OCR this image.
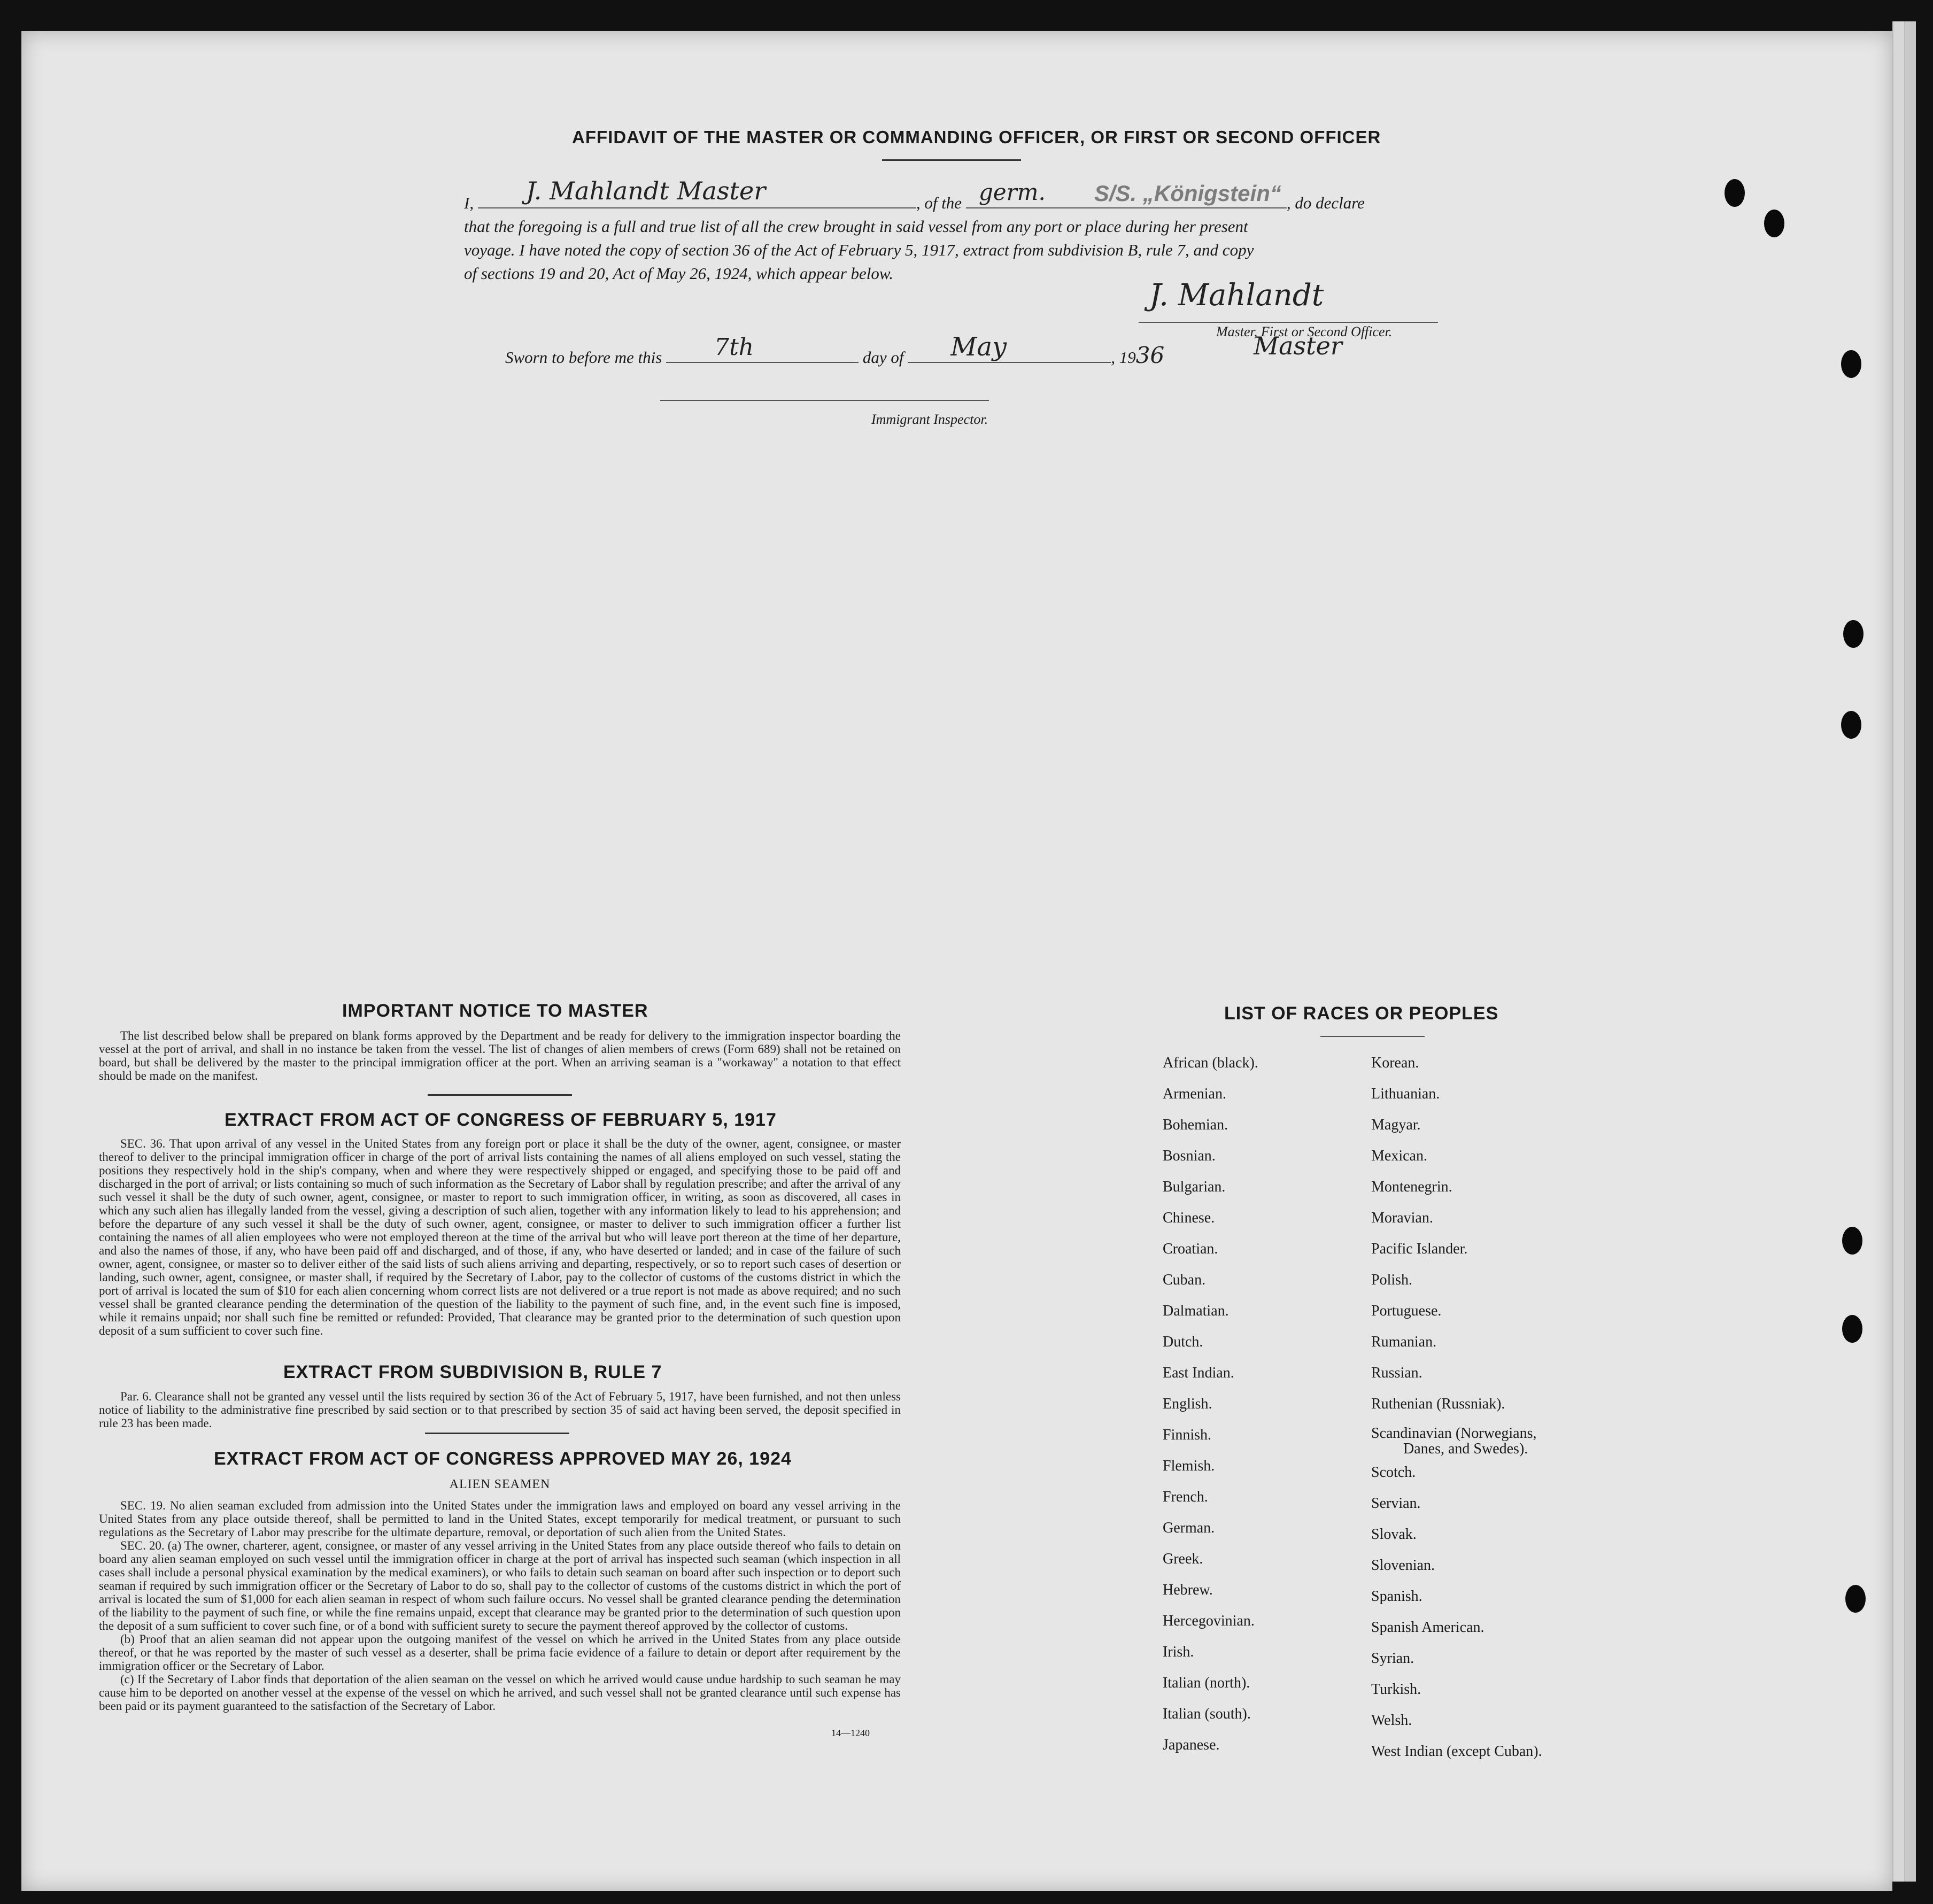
AFFIDAVIT OF THE MASTER OR COMMANDING OFFICER, OR FIRST OR SECOND OFFICER
I, J. Mahlandt Master	, of the germ. S/S. „Königstein“ , do declare
that the foregoing is a full and true list of all the crew brought in said vessel from any port or place during her present
voyage. I have noted the copy of section 36 of the Act of February 5, 1917, extract from subdivision B, rule 7, and copy
of sections 19 and 20, Act of May 26, 1924, which appear below.
J. Mahlandt
Master, First or Second Officer.
Sworn to before me this 7th	day of May	, 1936	Master
Immigrant Inspector.
IMPORTANT NOTICE TO MASTER

The list described below shall be prepared on blank forms approved by the Department and be ready for delivery to the immigration inspector boarding the vessel at the port of arrival, and shall in no instance be taken from the vessel. The list of changes of alien members of crews (Form 689) shall not be retained on board, but shall be delivered by the master to the principal immigration officer at the port. When an arriving seaman is a "workaway" a notation to that effect should be made on the manifest.

EXTRACT FROM ACT OF CONGRESS OF FEBRUARY 5, 1917

SEC. 36. That upon arrival of any vessel in the United States from any foreign port or place it shall be the duty of the owner, agent, consignee, or master thereof to deliver to the principal immigration officer in charge of the port of arrival lists containing the names of all aliens employed on such vessel, stating the positions they respectively hold in the ship's company, when and where they were respectively shipped or engaged, and specifying those to be paid off and discharged in the port of arrival; or lists containing so much of such information as the Secretary of Labor shall by regulation prescribe; and after the arrival of any such vessel it shall be the duty of such owner, agent, consignee, or master to report to such immigration officer, in writing, as soon as discovered, all cases in which any such alien has illegally landed from the vessel, giving a description of such alien, together with any information likely to lead to his apprehension; and before the departure of any such vessel it shall be the duty of such owner, agent, consignee, or master to deliver to such immigration officer a further list containing the names of all alien employees who were not employed thereon at the time of the arrival but who will leave port thereon at the time of her departure, and also the names of those, if any, who have been paid off and discharged, and of those, if any, who have deserted or landed; and in case of the failure of such owner, agent, consignee, or master so to deliver either of the said lists of such aliens arriving and departing, respectively, or so to report such cases of desertion or landing, such owner, agent, consignee, or master shall, if required by the Secretary of Labor, pay to the collector of customs of the customs district in which the port of arrival is located the sum of $10 for each alien concerning whom correct lists are not delivered or a true report is not made as above required; and no such vessel shall be granted clearance pending the determination of the question of the liability to the payment of such fine, and, in the event such fine is imposed, while it remains unpaid; nor shall such fine be remitted or refunded: Provided, That clearance may be granted prior to the determination of such question upon deposit of a sum sufficient to cover such fine.

EXTRACT FROM SUBDIVISION B, RULE 7

Par. 6. Clearance shall not be granted any vessel until the lists required by section 36 of the Act of February 5, 1917, have been furnished, and not then unless notice of liability to the administrative fine prescribed by said section or to that prescribed by section 35 of said act having been served, the deposit specified in rule 23 has been made.

EXTRACT FROM ACT OF CONGRESS APPROVED MAY 26, 1924
ALIEN SEAMEN

SEC. 19. No alien seaman excluded from admission into the United States under the immigration laws and employed on board any vessel arriving in the United States from any place outside thereof, shall be permitted to land in the United States, except temporarily for medical treatment, or pursuant to such regulations as the Secretary of Labor may prescribe for the ultimate departure, removal, or deportation of such alien from the United States.

SEC. 20. (a) The owner, charterer, agent, consignee, or master of any vessel arriving in the United States from any place outside thereof who fails to detain on board any alien seaman employed on such vessel until the immigration officer in charge at the port of arrival has inspected such seaman (which inspection in all cases shall include a personal physical examination by the medical examiners), or who fails to detain such seaman on board after such inspection or to deport such seaman if required by such immigration officer or the Secretary of Labor to do so, shall pay to the collector of customs of the customs district in which the port of arrival is located the sum of $1,000 for each alien seaman in respect of whom such failure occurs. No vessel shall be granted clearance pending the determination of the liability to the payment of such fine, or while the fine remains unpaid, except that clearance may be granted prior to the determination of such question upon the deposit of a sum sufficient to cover such fine, or of a bond with sufficient surety to secure the payment thereof approved by the collector of customs.

(b) Proof that an alien seaman did not appear upon the outgoing manifest of the vessel on which he arrived in the United States from any place outside thereof, or that he was reported by the master of such vessel as a deserter, shall be prima facie evidence of a failure to detain or deport after requirement by the immigration officer or the Secretary of Labor.

(c) If the Secretary of Labor finds that deportation of the alien seaman on the vessel on which he arrived would cause undue hardship to such seaman he may cause him to be deported on another vessel at the expense of the vessel on which he arrived, and such vessel shall not be granted clearance until such expense has been paid or its payment guaranteed to the satisfaction of the Secretary of Labor.

14—1240
LIST OF RACES OR PEOPLES
African (black).
Armenian.
Bohemian.
Bosnian.
Bulgarian.
Chinese.
Croatian.
Cuban.
Dalmatian.
Dutch.
East Indian.
English.
Finnish.
Flemish.
French.
German.
Greek.
Hebrew.
Hercegovinian.
Irish.
Italian (north).
Italian (south).
Japanese.
Korean.
Lithuanian.
Magyar.
Mexican.
Montenegrin.
Moravian.
Pacific Islander.
Polish.
Portuguese.
Rumanian.
Russian.
Ruthenian (Russniak).
Scandinavian (Norwegians,
Danes, and Swedes).
Scotch.
Servian.
Slovak.
Slovenian.
Spanish.
Spanish American.
Syrian.
Turkish.
Welsh.
West Indian (except Cuban).
